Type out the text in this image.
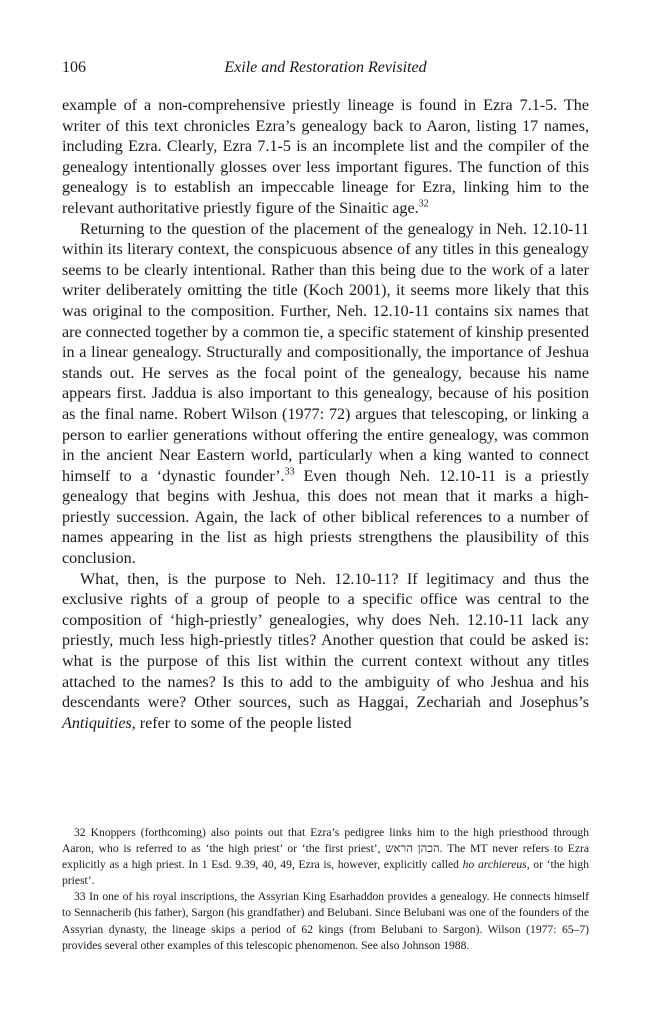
106	Exile and Restoration Revisited

example of a non-comprehensive priestly lineage is found in Ezra 7.1-5. The writer of this text chronicles Ezra’s genealogy back to Aaron, listing 17 names, including Ezra. Clearly, Ezra 7.1-5 is an incomplete list and the compiler of the genealogy intentionally glosses over less important figures. The function of this genealogy is to establish an impeccable lineage for Ezra, linking him to the relevant authoritative priestly figure of the Sinaitic age.$^{32}$

Returning to the question of the placement of the genealogy in Neh. 12.10-11 within its literary context, the conspicuous absence of any titles in this genealogy seems to be clearly intentional. Rather than this being due to the work of a later writer deliberately omitting the title (Koch 2001), it seems more likely that this was original to the composition. Further, Neh. 12.10-11 contains six names that are connected together by a common tie, a specific statement of kinship presented in a linear genealogy. Structurally and compositionally, the importance of Jeshua stands out. He serves as the focal point of the genealogy, because his name appears first. Jaddua is also important to this genealogy, because of his position as the final name. Robert Wilson (1977: 72) argues that telescoping, or linking a person to earlier generations without offering the entire genealogy, was common in the ancient Near Eastern world, particularly when a king wanted to connect himself to a ‘dynastic founder’.$^{33}$ Even though Neh. 12.10-11 is a priestly genealogy that begins with Jeshua, this does not mean that it marks a high-priestly succession. Again, the lack of other biblical references to a number of names appearing in the list as high priests strengthens the plausibility of this conclusion.

What, then, is the purpose to Neh. 12.10-11? If legitimacy and thus the exclusive rights of a group of people to a specific office was central to the composition of ‘high-priestly’ genealogies, why does Neh. 12.10-11 lack any priestly, much less high-priestly titles? Another question that could be asked is: what is the purpose of this list within the current context without any titles attached to the names? Is this to add to the ambiguity of who Jeshua and his descendants were? Other sources, such as Haggai, Zechariah and Josephus’s Antiquities, refer to some of the people listed

32 Knoppers (forthcoming) also points out that Ezra’s pedigree links him to the high priesthood through Aaron, who is referred to as ‘the high priest’ or ‘the first priest’, הכהן הראש. The MT never refers to Ezra explicitly as a high priest. In 1 Esd. 9.39, 40, 49, Ezra is, however, explicitly called ho archiereus, or ‘the high priest’.

33 In one of his royal inscriptions, the Assyrian King Esarhaddon provides a genealogy. He connects himself to Sennacherib (his father), Sargon (his grandfather) and Belubani. Since Belubani was one of the founders of the Assyrian dynasty, the lineage skips a period of 62 kings (from Belubani to Sargon). Wilson (1977: 65–7) provides several other examples of this telescopic phenomenon. See also Johnson 1988.
